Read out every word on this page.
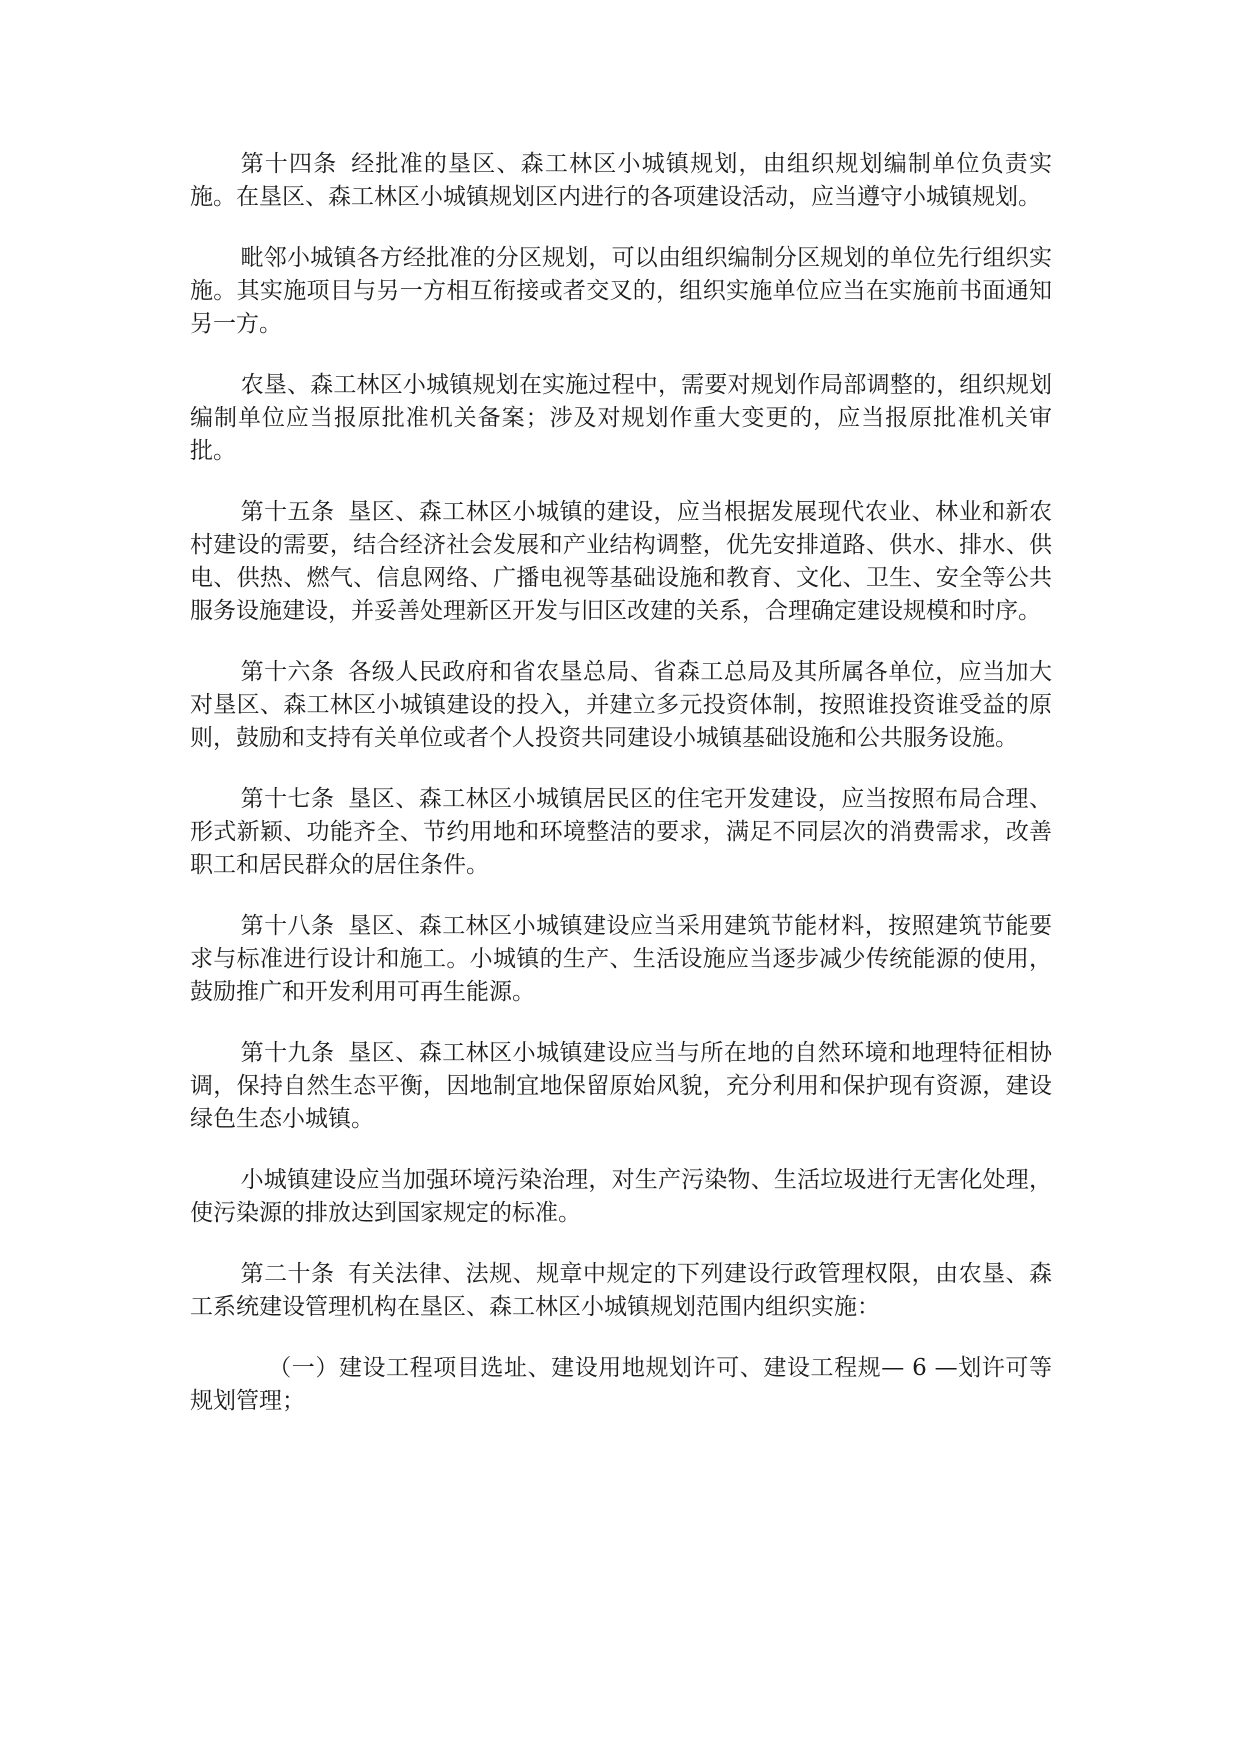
第十四条 经批准的垦区、森工林区小城镇规划，由组织规划编制单位负责实施。在垦区、森工林区小城镇规划区内进行的各项建设活动，应当遵守小城镇规划。

毗邻小城镇各方经批准的分区规划，可以由组织编制分区规划的单位先行组织实施。其实施项目与另一方相互衔接或者交叉的，组织实施单位应当在实施前书面通知另一方。

农垦、森工林区小城镇规划在实施过程中，需要对规划作局部调整的，组织规划编制单位应当报原批准机关备案；涉及对规划作重大变更的，应当报原批准机关审批。

第十五条 垦区、森工林区小城镇的建设，应当根据发展现代农业、林业和新农村建设的需要，结合经济社会发展和产业结构调整，优先安排道路、供水、排水、供电、供热、燃气、信息网络、广播电视等基础设施和教育、文化、卫生、安全等公共服务设施建设，并妥善处理新区开发与旧区改建的关系，合理确定建设规模和时序。

第十六条 各级人民政府和省农垦总局、省森工总局及其所属各单位，应当加大对垦区、森工林区小城镇建设的投入，并建立多元投资体制，按照谁投资谁受益的原则，鼓励和支持有关单位或者个人投资共同建设小城镇基础设施和公共服务设施。

第十七条 垦区、森工林区小城镇居民区的住宅开发建设，应当按照布局合理、形式新颖、功能齐全、节约用地和环境整洁的要求，满足不同层次的消费需求，改善职工和居民群众的居住条件。

第十八条 垦区、森工林区小城镇建设应当采用建筑节能材料，按照建筑节能要求与标准进行设计和施工。小城镇的生产、生活设施应当逐步减少传统能源的使用，鼓励推广和开发利用可再生能源。

第十九条 垦区、森工林区小城镇建设应当与所在地的自然环境和地理特征相协调，保持自然生态平衡，因地制宜地保留原始风貌，充分利用和保护现有资源，建设绿色生态小城镇。

小城镇建设应当加强环境污染治理，对生产污染物、生活垃圾进行无害化处理，使污染源的排放达到国家规定的标准。

第二十条 有关法律、法规、规章中规定的下列建设行政管理权限，由农垦、森工系统建设管理机构在垦区、森工林区小城镇规划范围内组织实施：

（一）建设工程项目选址、建设用地规划许可、建设工程规— 6 —划许可等规划管理；
